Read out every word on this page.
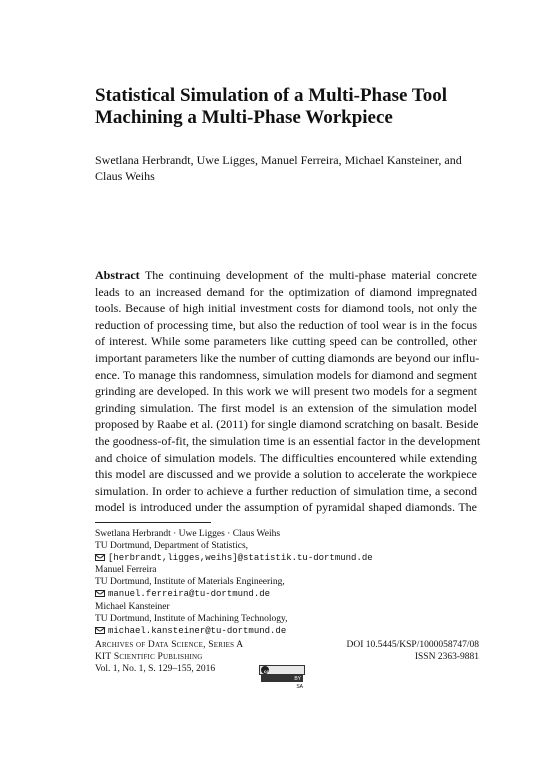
Statistical Simulation of a Multi-Phase Tool
Machining a Multi-Phase Workpiece
Swetlana Herbrandt, Uwe Ligges, Manuel Ferreira, Michael Kansteiner, and
Claus Weihs
Abstract The continuing development of the multi-phase material concrete
leads to an increased demand for the optimization of diamond impregnated
tools. Because of high initial investment costs for diamond tools, not only the
reduction of processing time, but also the reduction of tool wear is in the focus
of interest. While some parameters like cutting speed can be controlled, other
important parameters like the number of cutting diamonds are beyond our influ-
ence. To manage this randomness, simulation models for diamond and segment
grinding are developed. In this work we will present two models for a segment
grinding simulation. The first model is an extension of the simulation model
proposed by Raabe et al. (2011) for single diamond scratching on basalt. Beside
the goodness-of-fit, the simulation time is an essential factor in the development
and choice of simulation models. The difficulties encountered while extending
this model are discussed and we provide a solution to accelerate the workpiece
simulation. In order to achieve a further reduction of simulation time, a second
model is introduced under the assumption of pyramidal shaped diamonds. The
Swetlana Herbrandt · Uwe Ligges · Claus Weihs
TU Dortmund, Department of Statistics,
[herbrandt,ligges,weihs]@statistik.tu-dortmund.de
Manuel Ferreira
TU Dortmund, Institute of Materials Engineering,
manuel.ferreira@tu-dortmund.de
Michael Kansteiner
TU Dortmund, Institute of Machining Technology,
michael.kansteiner@tu-dortmund.de
Archives of Data Science, Series A
KIT Scientific Publishing
Vol. 1, No. 1, S. 129–155, 2016
DOI 10.5445/KSP/1000058747/08
ISSN 2363-9881
cc
BY
SA
